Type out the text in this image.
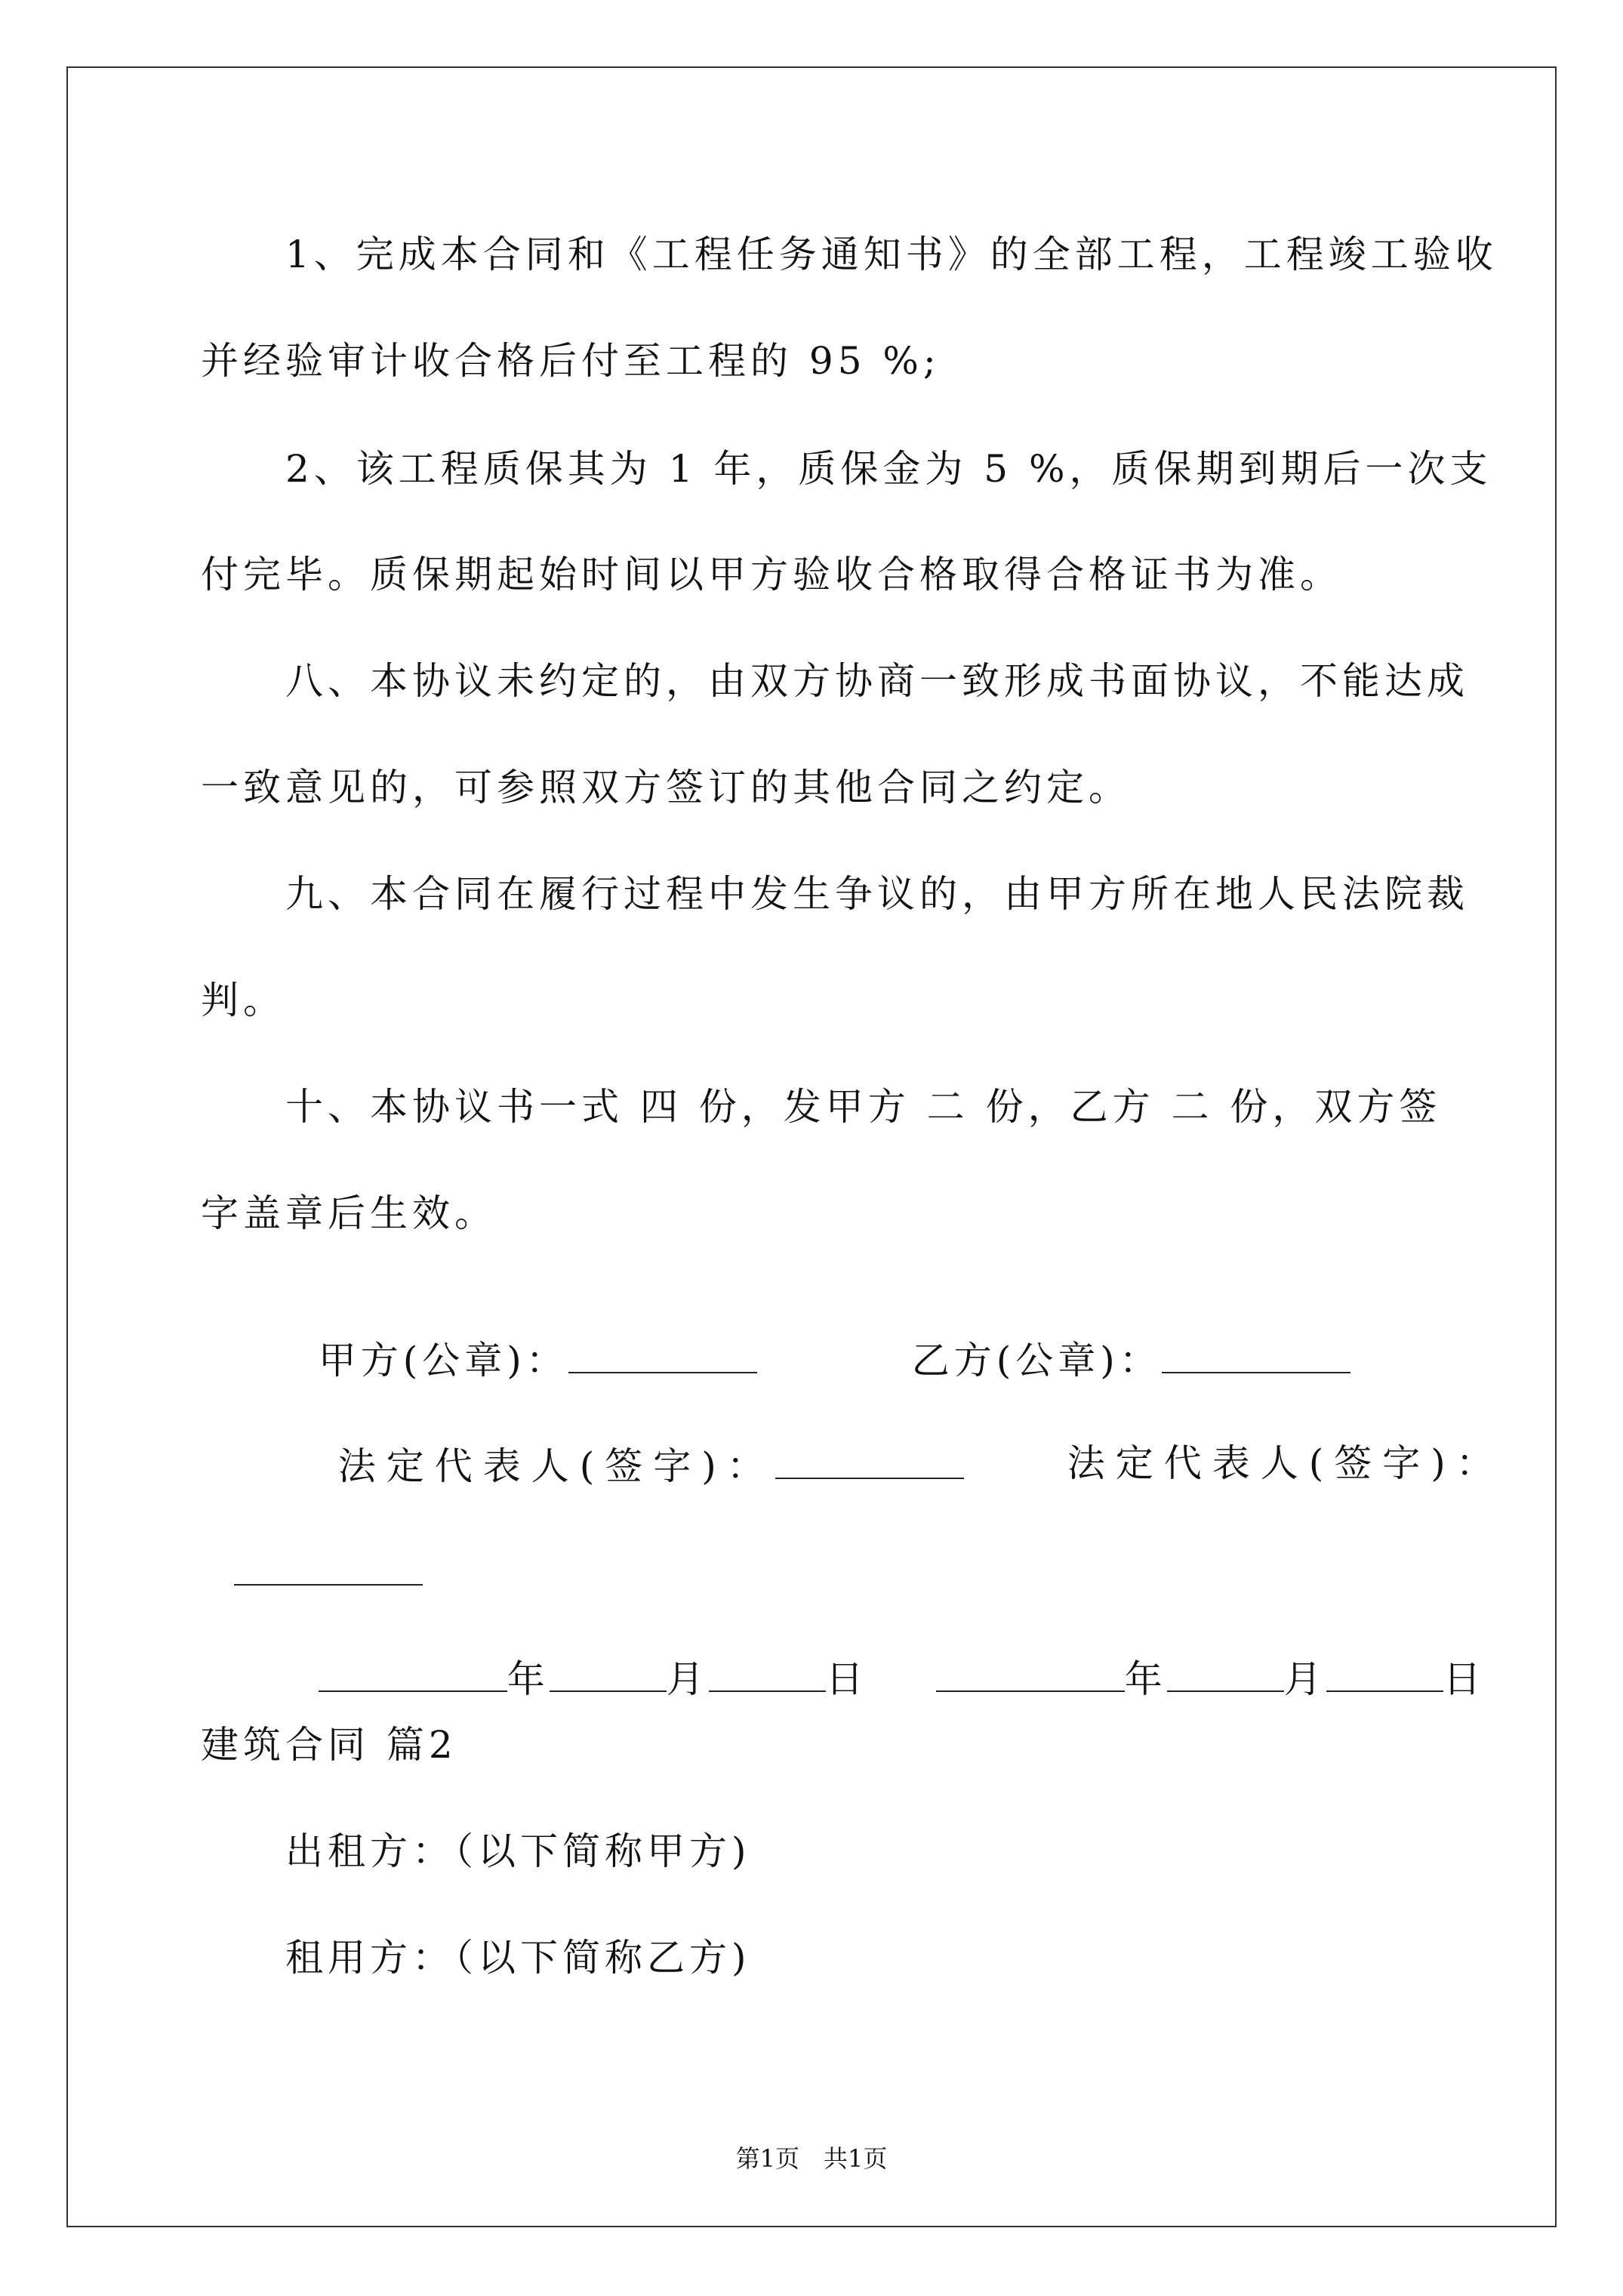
1、完成本合同和《工程任务通知书》的全部工程，工程竣工验收
并经验审计收合格后付至工程的 95 %;
2、该工程质保其为 1 年，质保金为 5 %，质保期到期后一次支
付完毕。质保期起始时间以甲方验收合格取得合格证书为准。
八、本协议未约定的，由双方协商一致形成书面协议，不能达成
一致意见的，可参照双方签订的其他合同之约定。
九、本合同在履行过程中发生争议的，由甲方所在地人民法院裁
判。
十、本协议书一式 四 份，发甲方 二 份，乙方 二 份，双方签
字盖章后生效。

甲方(公章)：	乙方(公章)：

法定代表人(签字)：	法定代表人(签字)：

年	月	日	年	月	日

建筑合同 篇2
出租方：（以下简称甲方)
租用方：（以下简称乙方)
第1页　共1页
